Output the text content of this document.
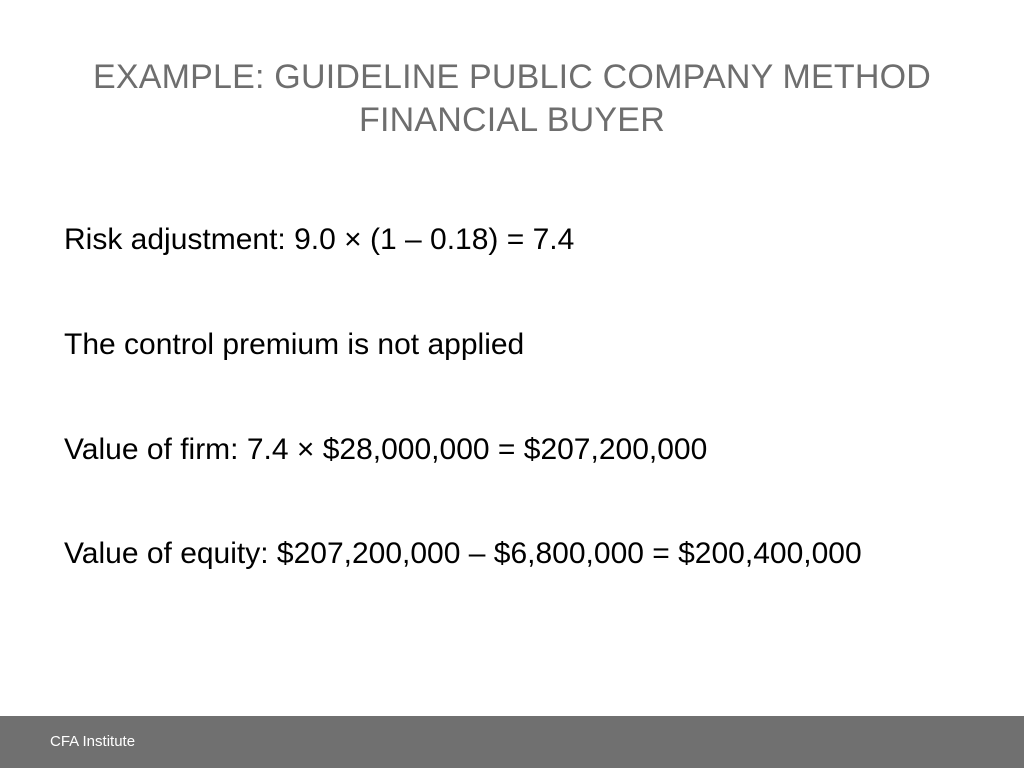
EXAMPLE: GUIDELINE PUBLIC COMPANY METHOD
FINANCIAL BUYER
Risk adjustment: 9.0 × (1 – 0.18) = 7.4
The control premium is not applied
Value of firm: 7.4 × $28,000,000 = $207,200,000
Value of equity: $207,200,000 – $6,800,000 = $200,400,000
CFA Institute
